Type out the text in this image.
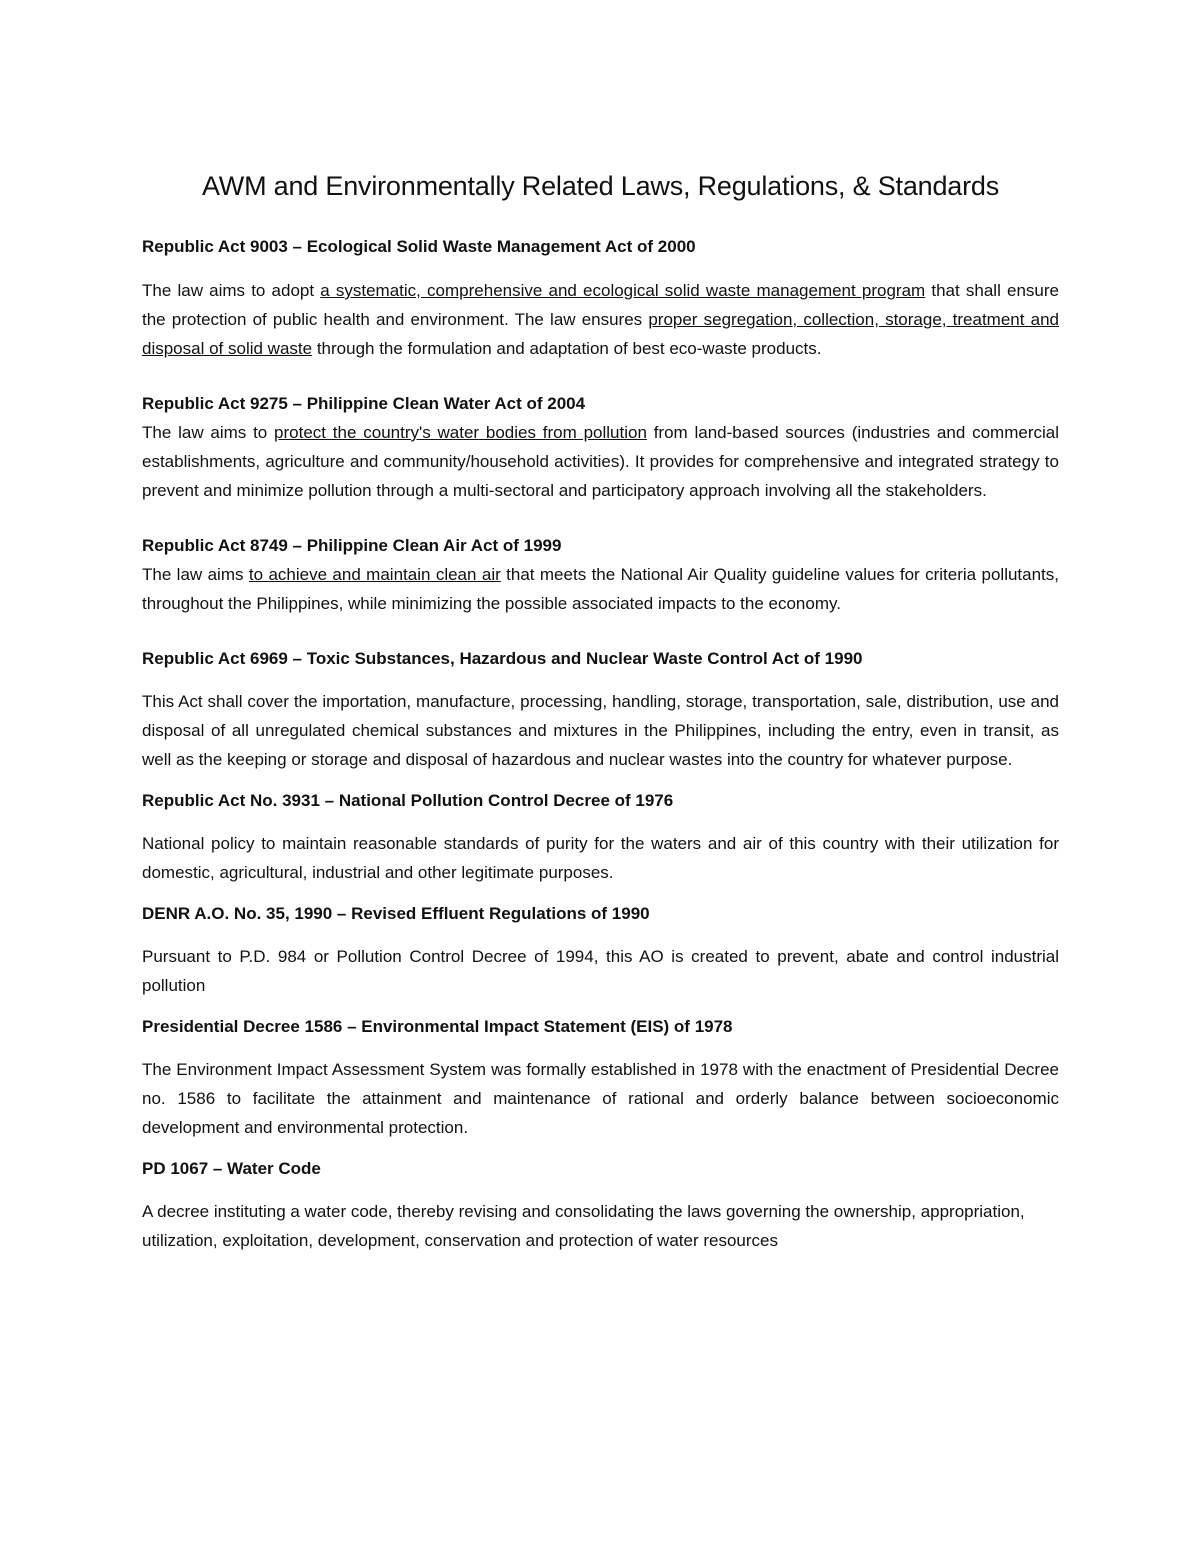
AWM and Environmentally Related Laws, Regulations, & Standards

Republic Act 9003 – Ecological Solid Waste Management Act of 2000

The law aims to adopt a systematic, comprehensive and ecological solid waste management program that shall ensure the protection of public health and environment. The law ensures proper segregation, collection, storage, treatment and disposal of solid waste through the formulation and adaptation of best eco-waste products.

Republic Act 9275 – Philippine Clean Water Act of 2004

The law aims to protect the country's water bodies from pollution from land-based sources (industries and commercial establishments, agriculture and community/household activities). It provides for comprehensive and integrated strategy to prevent and minimize pollution through a multi-sectoral and participatory approach involving all the stakeholders.

Republic Act 8749 – Philippine Clean Air Act of 1999

The law aims to achieve and maintain clean air that meets the National Air Quality guideline values for criteria pollutants, throughout the Philippines, while minimizing the possible associated impacts to the economy.

Republic Act 6969 – Toxic Substances, Hazardous and Nuclear Waste Control Act of 1990

This Act shall cover the importation, manufacture, processing, handling, storage, transportation, sale, distribution, use and disposal of all unregulated chemical substances and mixtures in the Philippines, including the entry, even in transit, as well as the keeping or storage and disposal of hazardous and nuclear wastes into the country for whatever purpose.

Republic Act No. 3931 – National Pollution Control Decree of 1976

National policy to maintain reasonable standards of purity for the waters and air of this country with their utilization for domestic, agricultural, industrial and other legitimate purposes.

DENR A.O. No. 35, 1990 – Revised Effluent Regulations of 1990

Pursuant to P.D. 984 or Pollution Control Decree of 1994, this AO is created to prevent, abate and control industrial pollution

Presidential Decree 1586 – Environmental Impact Statement (EIS) of 1978

The Environment Impact Assessment System was formally established in 1978 with the enactment of Presidential Decree no. 1586 to facilitate the attainment and maintenance of rational and orderly balance between socioeconomic development and environmental protection.

PD 1067 – Water Code

A decree instituting a water code, thereby revising and consolidating the laws governing the ownership, appropriation, utilization, exploitation, development, conservation and protection of water resources
